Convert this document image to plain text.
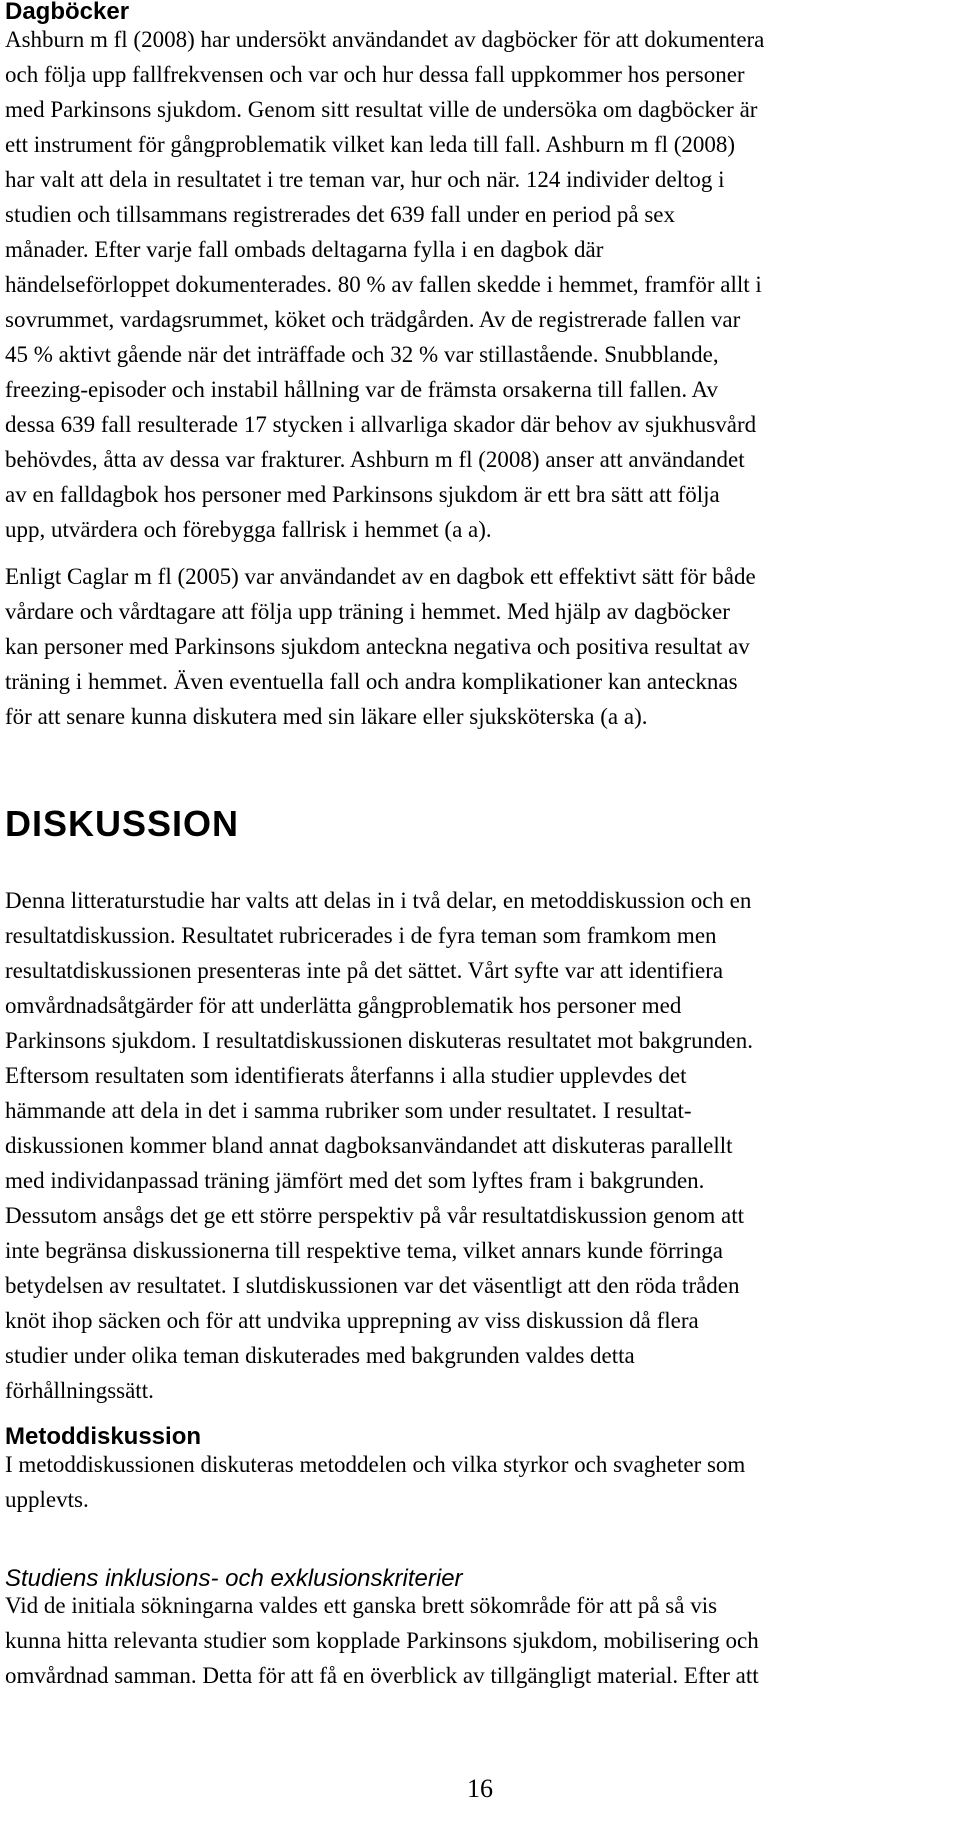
Dagböcker
Ashburn m fl (2008) har undersökt användandet av dagböcker för att dokumentera
och följa upp fallfrekvensen och var och hur dessa fall uppkommer hos personer
med Parkinsons sjukdom. Genom sitt resultat ville de undersöka om dagböcker är
ett instrument för gångproblematik vilket kan leda till fall. Ashburn m fl (2008)
har valt att dela in resultatet i tre teman var, hur och när. 124 individer deltog i
studien och tillsammans registrerades det 639 fall under en period på sex
månader. Efter varje fall ombads deltagarna fylla i en dagbok där
händelseförloppet dokumenterades. 80 % av fallen skedde i hemmet, framför allt i
sovrummet, vardagsrummet, köket och trädgården. Av de registrerade fallen var
45 % aktivt gående när det inträffade och 32 % var stillastående. Snubblande,
freezing-episoder och instabil hållning var de främsta orsakerna till fallen. Av
dessa 639 fall resulterade 17 stycken i allvarliga skador där behov av sjukhusvård
behövdes, åtta av dessa var frakturer. Ashburn m fl (2008) anser att användandet
av en falldagbok hos personer med Parkinsons sjukdom är ett bra sätt att följa
upp, utvärdera och förebygga fallrisk i hemmet (a a).
Enligt Caglar m fl (2005) var användandet av en dagbok ett effektivt sätt för både
vårdare och vårdtagare att följa upp träning i hemmet. Med hjälp av dagböcker
kan personer med Parkinsons sjukdom anteckna negativa och positiva resultat av
träning i hemmet. Även eventuella fall och andra komplikationer kan antecknas
för att senare kunna diskutera med sin läkare eller sjuksköterska (a a).
DISKUSSION
Denna litteraturstudie har valts att delas in i två delar, en metoddiskussion och en
resultatdiskussion. Resultatet rubricerades i de fyra teman som framkom men
resultatdiskussionen presenteras inte på det sättet. Vårt syfte var att identifiera
omvårdnadsåtgärder för att underlätta gångproblematik hos personer med
Parkinsons sjukdom. I resultatdiskussionen diskuteras resultatet mot bakgrunden.
Eftersom resultaten som identifierats återfanns i alla studier upplevdes det
hämmande att dela in det i samma rubriker som under resultatet. I resultat-
diskussionen kommer bland annat dagboksanvändandet att diskuteras parallellt
med individanpassad träning jämfört med det som lyftes fram i bakgrunden.
Dessutom ansågs det ge ett större perspektiv på vår resultatdiskussion genom att
inte begränsa diskussionerna till respektive tema, vilket annars kunde förringa
betydelsen av resultatet. I slutdiskussionen var det väsentligt att den röda tråden
knöt ihop säcken och för att undvika upprepning av viss diskussion då flera
studier under olika teman diskuterades med bakgrunden valdes detta
förhållningssätt.
Metoddiskussion
I metoddiskussionen diskuteras metoddelen och vilka styrkor och svagheter som
upplevts.
Studiens inklusions- och exklusionskriterier
Vid de initiala sökningarna valdes ett ganska brett sökområde för att på så vis
kunna hitta relevanta studier som kopplade Parkinsons sjukdom, mobilisering och
omvårdnad samman. Detta för att få en överblick av tillgängligt material. Efter att
16
